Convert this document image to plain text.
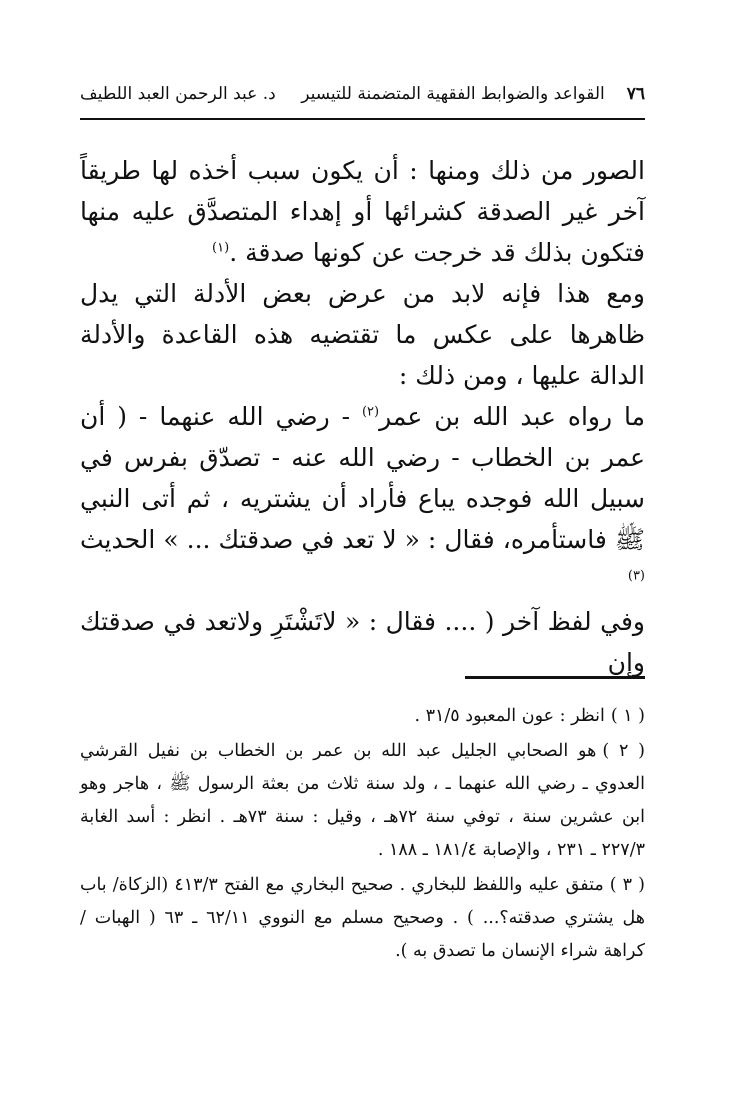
٧٦
القواعد والضوابط الفقهية المتضمنة للتيسير
د. عبد الرحمن العبد اللطيف

الصور من ذلك ومنها : أن يكون سبب أخذه لها طريقاً آخر غير الصدقة كشرائها أو إهداء المتصدَّق عليه منها فتكون بذلك قد خرجت عن كونها صدقة .$^{(١)}$

ومع هذا فإنه لابد من عرض بعض الأدلة التي يدل ظاهرها على عكس ما تقتضيه هذه القاعدة والأدلة الدالة عليها ، ومن ذلك :

ما رواه عبد الله بن عمر$^{(٢)}$ - رضي الله عنهما - ( أن عمر بن الخطاب - رضي الله عنه - تصدّق بفرس في سبيل الله فوجده يباع فأراد أن يشتريه ، ثم أتى النبي ﷺ فاستأمره، فقال : « لا تعد في صدقتك ... » الحديث $^{(٣)}$

وفي لفظ آخر ( .... فقال : « لاتَشْتَرِ ولاتعد في صدقتك وإن

( ١ )انظر : عون المعبود ٣١/٥ .

( ٢ )هو الصحابي الجليل عبد الله بن عمر بن الخطاب بن نفيل القرشي العدوي ـ رضي الله عنهما ـ ، ولد سنة ثلاث من بعثة الرسول ﷺ ، هاجر وهو ابن عشرين سنة ، توفي سنة ٧٢هـ ، وقيل : سنة ٧٣هـ . انظر : أسد الغابة ٢٢٧/٣ ـ ٢٣١ ، والإصابة ١٨١/٤ ـ ١٨٨ .

( ٣ )متفق عليه واللفظ للبخاري . صحيح البخاري مع الفتح ٤١٣/٣ (الزكاة/ باب هل يشتري صدقته؟... ) . وصحيح مسلم مع النووي ٦٢/١١ ـ ٦٣ ( الهبات / كراهة شراء الإنسان ما تصدق به ).
